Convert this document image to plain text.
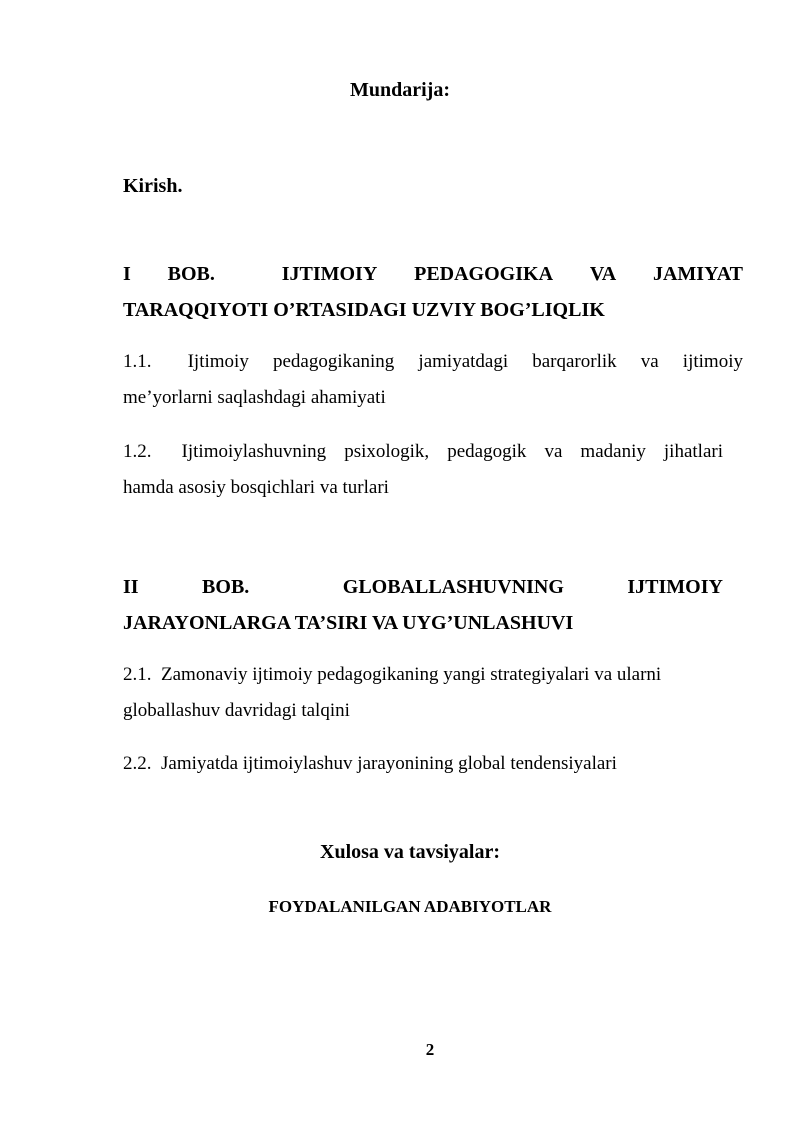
Mundarija:
Kirish.
I BOB.	IJTIMOIY PEDAGOGIKA VA JAMIYAT
TARAQQIYOTI O’RTASIDAGI UZVIY BOG’LIQLIK
1.1. Ijtimoiy pedagogikaning jamiyatdagi barqarorlik va ijtimoiy
me’yorlarni saqlashdagi ahamiyati
1.2. Ijtimoiylashuvning psixologik, pedagogik va madaniy jihatlari
hamda asosiy bosqichlari va turlari
II	BOB.	GLOBALLASHUVNING	IJTIMOIY
JARAYONLARGA TA’SIRI VA UYG’UNLASHUVI
2.1. Zamonaviy ijtimoiy pedagogikaning yangi strategiyalari va ularni
globallashuv davridagi talqini
2.2. Jamiyatda ijtimoiylashuv jarayonining global tendensiyalari
Xulosa va tavsiyalar:
FOYDALANILGAN ADABIYOTLAR
2
